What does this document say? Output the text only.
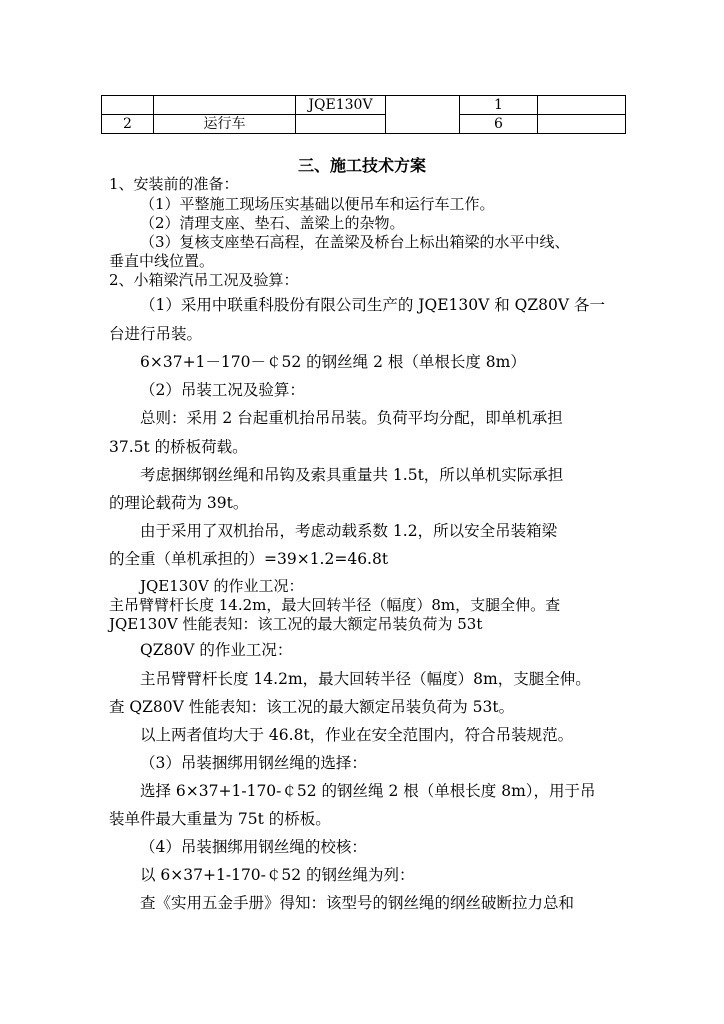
		JQE130V		1	
2	运行车			6	
三、施工技术方案
1、安装前的准备：
（1）平整施工现场压实基础以便吊车和运行车工作。
（2）清理支座、垫石、盖梁上的杂物。
（3）复核支座垫石高程，在盖梁及桥台上标出箱梁的水平中线、
垂直中线位置。
2、小箱梁汽吊工况及验算：
（1）采用中联重科股份有限公司生产的 JQE130V 和 QZ80V 各一
台进行吊装。
6×37+1－170－￠52 的钢丝绳 2 根（单根长度 8m）
（2）吊装工况及验算：
总则：采用 2 台起重机抬吊吊装。负荷平均分配，即单机承担
37.5t 的桥板荷载。
考虑捆绑钢丝绳和吊钩及索具重量共 1.5t，所以单机实际承担
的理论载荷为 39t。
由于采用了双机抬吊，考虑动载系数 1.2，所以安全吊装箱梁
的全重（单机承担的）=39×1.2=46.8t
JQE130V 的作业工况：
主吊臂臂杆长度 14.2m，最大回转半径（幅度）8m，支腿全伸。查
JQE130V 性能表知：该工况的最大额定吊装负荷为 53t
QZ80V 的作业工况：
主吊臂臂杆长度 14.2m，最大回转半径（幅度）8m，支腿全伸。
查 QZ80V 性能表知：该工况的最大额定吊装负荷为 53t。
以上两者值均大于 46.8t，作业在安全范围内，符合吊装规范。
（3）吊装捆绑用钢丝绳的选择：
选择 6×37+1-170-￠52 的钢丝绳 2 根（单根长度 8m），用于吊
装单件最大重量为 75t 的桥板。
（4）吊装捆绑用钢丝绳的校核：
以 6×37+1-170-￠52 的钢丝绳为列：
查《实用五金手册》得知：该型号的钢丝绳的纲丝破断拉力总和
